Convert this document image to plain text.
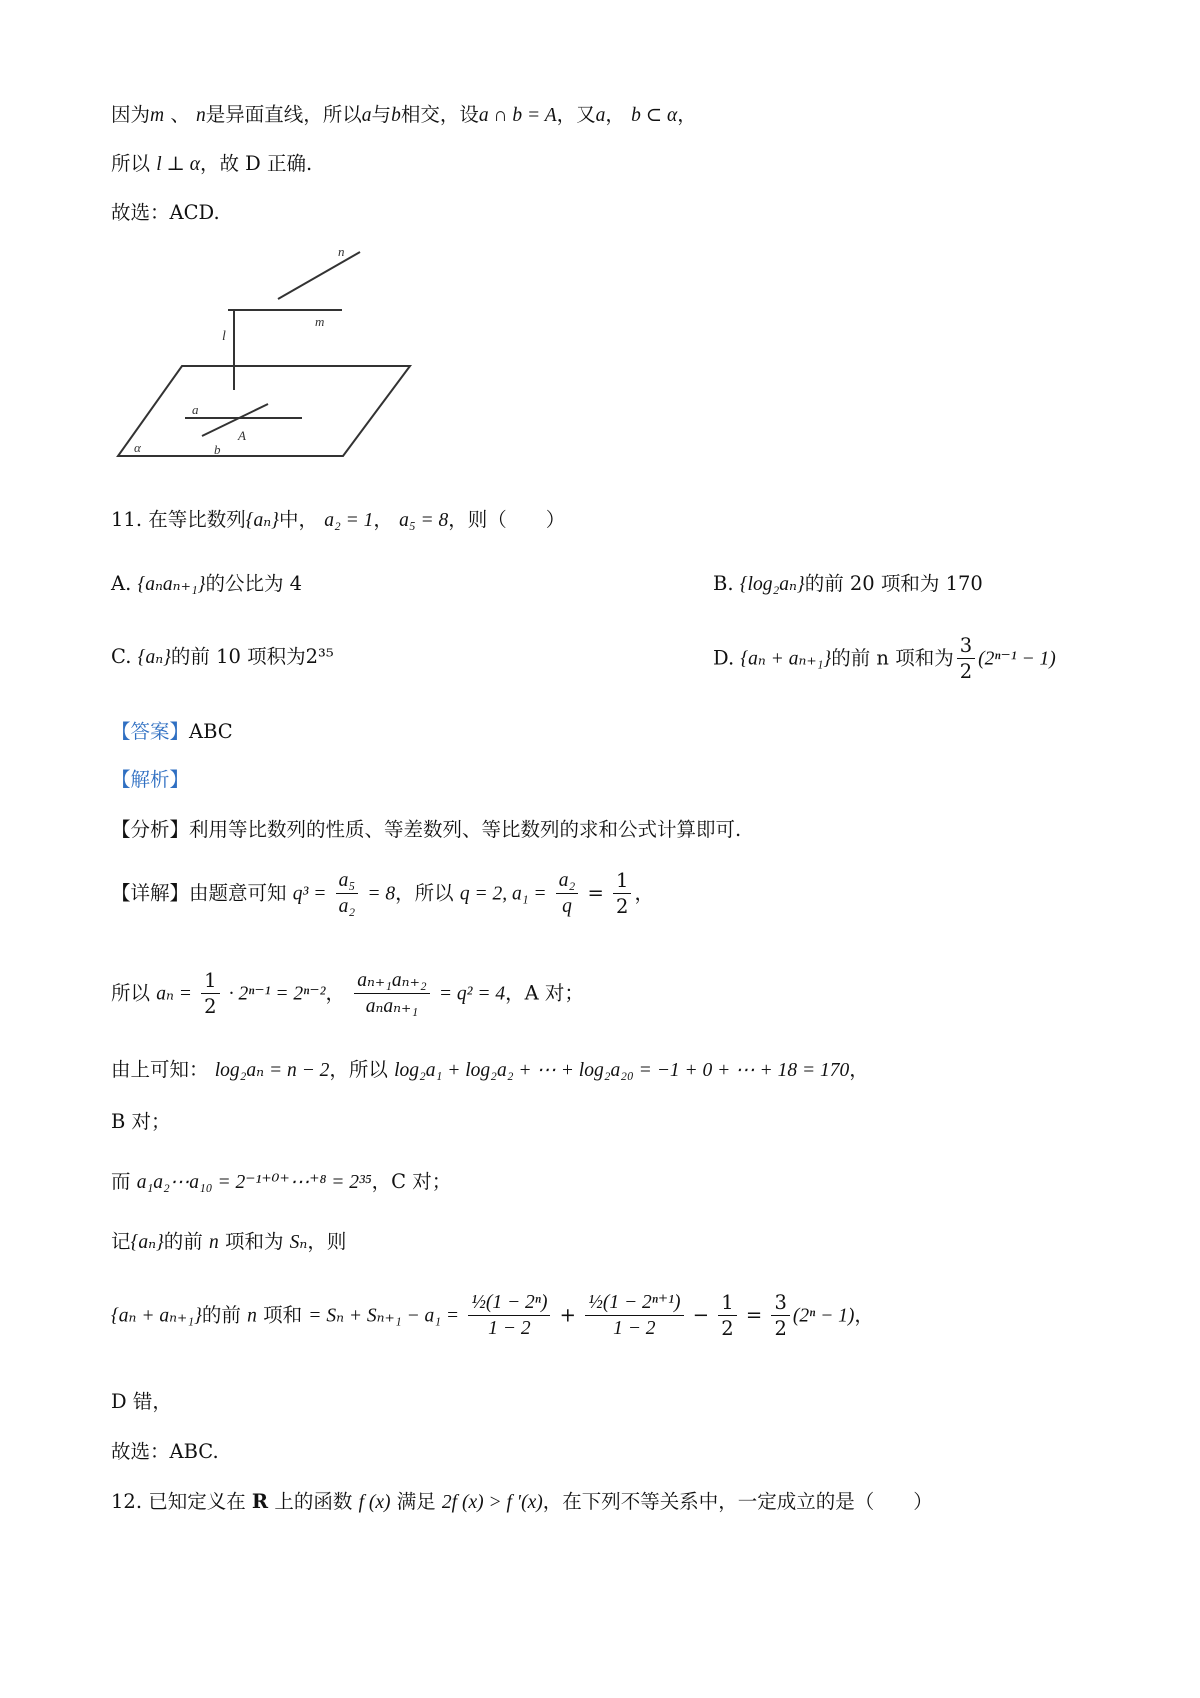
因为m 、 n是异面直线，所以a与b相交，设a ∩ b = A，又a， b ⊂ α，
所以 l ⊥ α，故 D 正确.
故选：ACD.
n
m
l
a
b
A
α
11. 在等比数列{aₙ}中， a₂ = 1， a₅ = 8，则（　　）
A. {aₙaₙ₊₁}的公比为 4	B. {log₂aₙ}的前 20 项和为 170
C. {aₙ}的前 10 项积为2³⁵	D. {aₙ + aₙ₊₁}的前 n 项和为 $\frac{3}{2} (2^{n-1} - 1)$
【答案】ABC
【解析】
【分析】利用等比数列的性质、等差数列、等比数列的求和公式计算即可.
【详解】由题意可知 $q^3 = \frac{\text{a₅}}{\text{a₂}} = 8$，所以 q = 2, $a_1 = \frac{\text{a₂}}{q} = \frac{1}{2}$ ，
所以 $a_n = \frac{1}{2} \cdot 2^{n-1} = 2^{n-2}$， $\frac{\text{aₙ₊₁aₙ₊₂}}{\text{aₙaₙ₊₁}} = q^2 = 4$，A 对；
由上可知： log₂aₙ = n − 2，所以 log₂a₁ + log₂a₂ + ⋯ + log₂a₂₀ = −1 + 0 + ⋯ + 18 = 170，
B 对；
而 a₁a₂⋯a₁₀ = 2⁻¹⁺⁰⁺⋯⁺⁸ = 2³⁵，C 对；
记{aₙ}的前 n 项和为 Sₙ，则
{aₙ + aₙ₊₁}的前 n 项和 = $S_n + S_{n+1} - a_1 = \frac{\text{½(1 − 2ⁿ)}}{1 - 2} + \frac{\text{½(1 − 2ⁿ⁺¹)}}{1 - 2} - \frac{1}{2} = \frac{3}{2} (2^n - 1)$，
D 错，
故选：ABC.
12. 已知定义在 R 上的函数 f (x) 满足 2f (x) > f ′(x)，在下列不等关系中，一定成立的是（　　）
